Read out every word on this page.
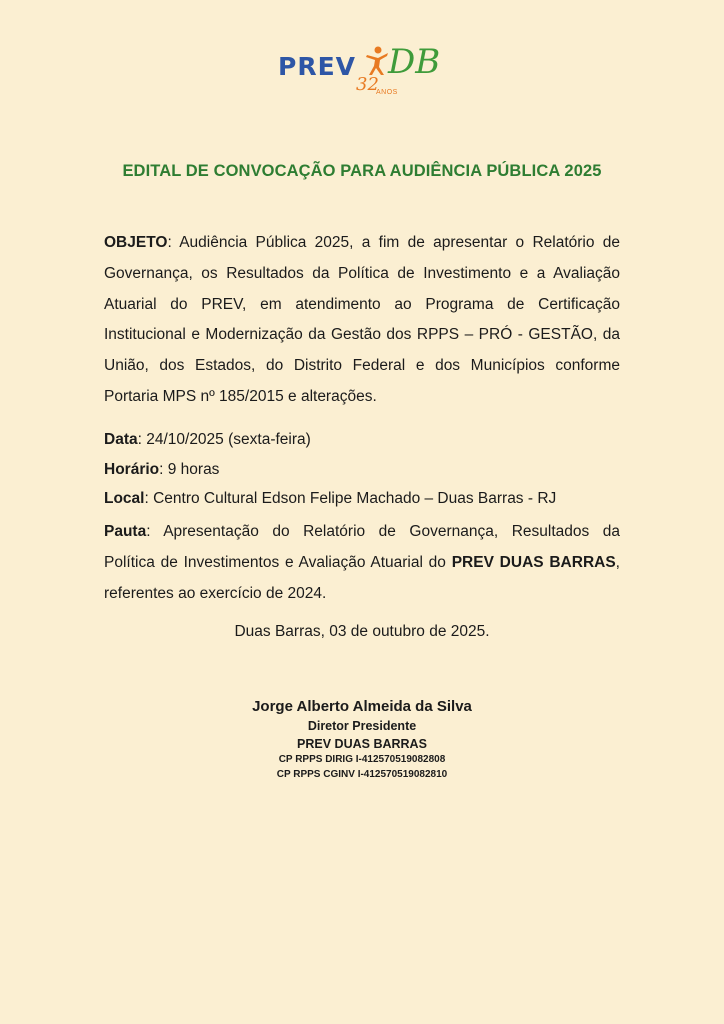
PREV DB
32
ANOS
EDITAL DE CONVOCAÇÃO PARA AUDIÊNCIA PÚBLICA 2025
OBJETO: Audiência Pública 2025, a fim de apresentar o Relatório de
Governança, os Resultados da Política de Investimento e a Avaliação
Atuarial do PREV, em atendimento ao Programa de Certificação
Institucional e Modernização da Gestão dos RPPS – PRÓ - GESTÃO, da
União, dos Estados, do Distrito Federal e dos Municípios conforme
Portaria MPS nº 185/2015 e alterações.
Data: 24/10/2025 (sexta-feira)
Horário: 9 horas
Local: Centro Cultural Edson Felipe Machado – Duas Barras - RJ
Pauta: Apresentação do Relatório de Governança, Resultados da
Política de Investimentos e Avaliação Atuarial do PREV DUAS BARRAS,
referentes ao exercício de 2024.
Duas Barras, 03 de outubro de 2025.
Jorge Alberto Almeida da Silva
Diretor Presidente
PREV DUAS BARRAS
CP RPPS DIRIG I-412570519082808
CP RPPS CGINV I-412570519082810
